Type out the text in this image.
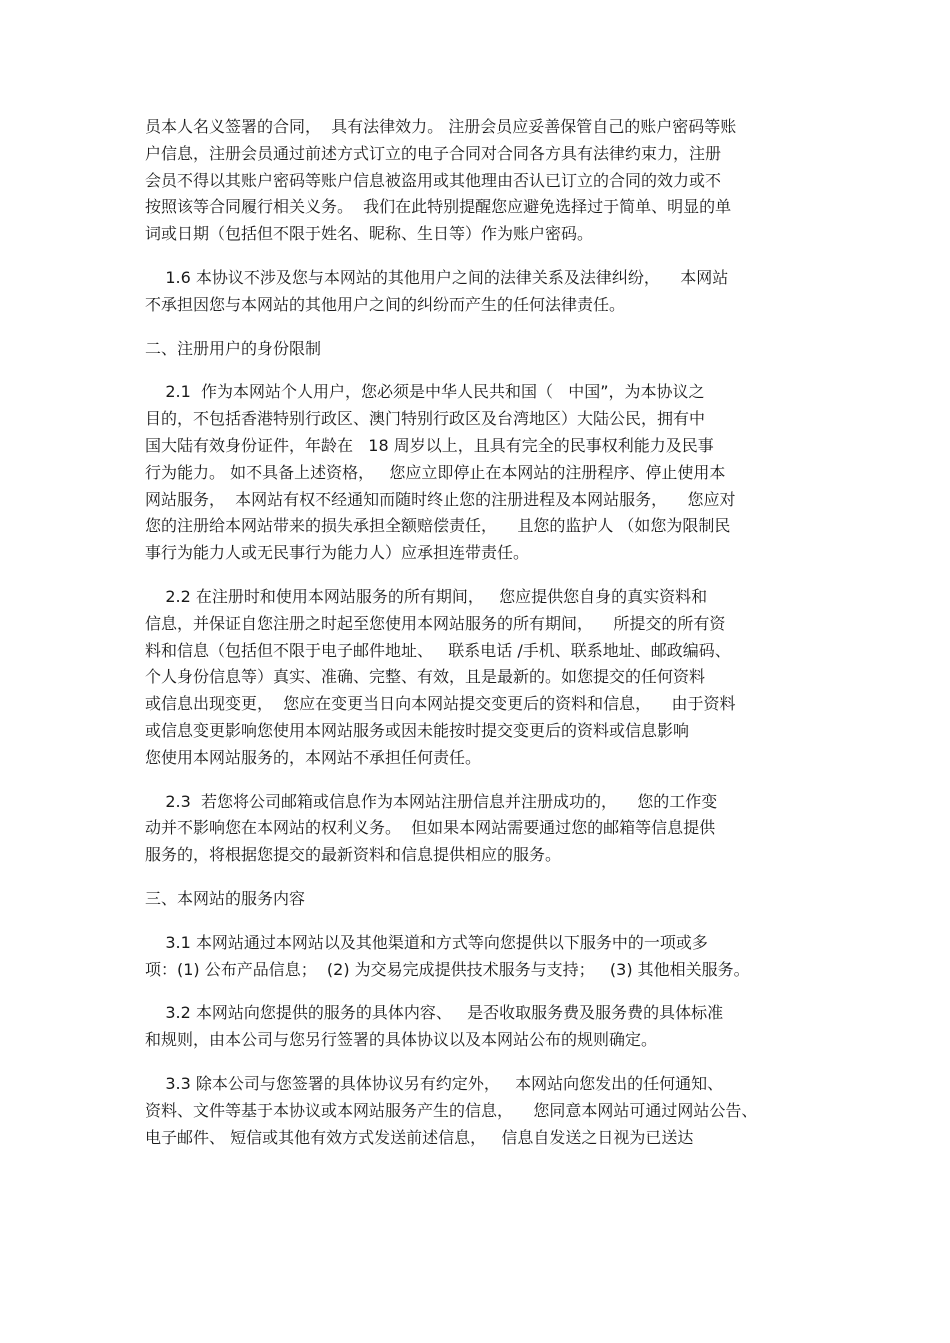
员本人名义签署的合同，  具有法律效力。 注册会员应妥善保管自己的账户密码等账
户信息，注册会员通过前述方式订立的电子合同对合同各方具有法律约束力，注册
会员不得以其账户密码等账户信息被盗用或其他理由否认已订立的合同的效力或不
按照该等合同履行相关义务。  我们在此特别提醒您应避免选择过于简单、明显的单
词或日期（包括但不限于姓名、昵称、生日等）作为账户密码。
1.6 本协议不涉及您与本网站的其他用户之间的法律关系及法律纠纷，    本网站
不承担因您与本网站的其他用户之间的纠纷而产生的任何法律责任。
二、注册用户的身份限制
2.1  作为本网站个人用户，您必须是中华人民共和国（   中国”，为本协议之
目的，不包括香港特别行政区、澳门特别行政区及台湾地区）大陆公民，拥有中
国大陆有效身份证件，年龄在   18 周岁以上，且具有完全的民事权利能力及民事
行为能力。 如不具备上述资格，   您应立即停止在本网站的注册程序、停止使用本
网站服务，  本网站有权不经通知而随时终止您的注册进程及本网站服务，    您应对
您的注册给本网站带来的损失承担全额赔偿责任，    且您的监护人 （如您为限制民
事行为能力人或无民事行为能力人）应承担连带责任。
2.2 在注册时和使用本网站服务的所有期间，   您应提供您自身的真实资料和
信息，并保证自您注册之时起至您使用本网站服务的所有期间，    所提交的所有资
料和信息（包括但不限于电子邮件地址、   联系电话 /手机、联系地址、邮政编码、
个人身份信息等）真实、准确、完整、有效，且是最新的。如您提交的任何资料
或信息出现变更，  您应在变更当日向本网站提交变更后的资料和信息，    由于资料
或信息变更影响您使用本网站服务或因未能按时提交变更后的资料或信息影响
您使用本网站服务的，本网站不承担任何责任。
2.3  若您将公司邮箱或信息作为本网站注册信息并注册成功的，    您的工作变
动并不影响您在本网站的权利义务。  但如果本网站需要通过您的邮箱等信息提供
服务的，将根据您提交的最新资料和信息提供相应的服务。
三、本网站的服务内容
3.1 本网站通过本网站以及其他渠道和方式等向您提供以下服务中的一项或多
项：(1) 公布产品信息；  (2) 为交易完成提供技术服务与支持；   (3) 其他相关服务。
3.2 本网站向您提供的服务的具体内容、   是否收取服务费及服务费的具体标准
和规则，由本公司与您另行签署的具体协议以及本网站公布的规则确定。
3.3 除本公司与您签署的具体协议另有约定外，   本网站向您发出的任何通知、
资料、文件等基于本协议或本网站服务产生的信息，    您同意本网站可通过网站公告、
电子邮件、 短信或其他有效方式发送前述信息，   信息自发送之日视为已送达
